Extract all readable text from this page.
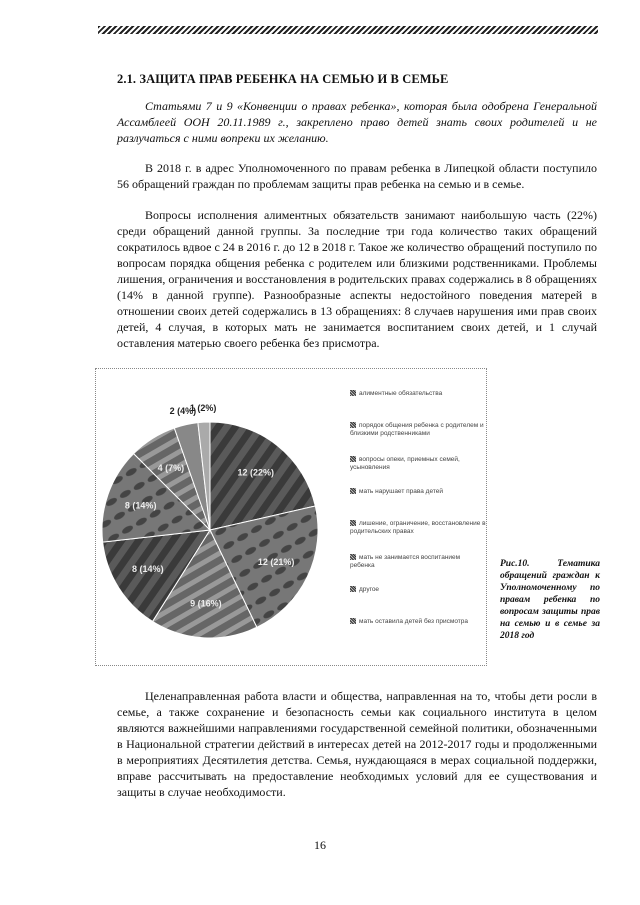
2.1. ЗАЩИТА ПРАВ РЕБЕНКА НА СЕМЬЮ И В СЕМЬЕ
Статьями 7 и 9 «Конвенции о правах ребенка», которая была одобрена Генеральной Ассамблеей ООН 20.11.1989 г., закреплено право детей знать своих родителей и не разлучаться с ними вопреки их желанию.
В 2018 г. в адрес Уполномоченного по правам ребенка в Липецкой области поступило 56 обращений граждан по проблемам защиты прав ребенка на семью и в семье.
Вопросы исполнения алиментных обязательств занимают наибольшую часть (22%) среди обращений данной группы. За последние три года количество таких обращений сократилось вдвое с 24 в 2016 г. до 12 в 2018 г. Такое же количество обращений поступило по вопросам порядка общения ребенка с родителем или близкими родственниками. Проблемы лишения, ограничения и восстановления в родительских правах содержались в 8 обращениях (14% в данной группе). Разнообразные аспекты недостойного поведения матерей в отношении своих детей содержались в 13 обращениях: 8 случаев нарушения ими прав своих детей, 4 случая, в которых мать не занимается воспитанием своих детей, и 1 случай оставления матерью своего ребенка без присмотра.
12 (22%)
12 (21%)
9 (16%)
8 (14%)
8 (14%)
4 (7%)
2 (4%)
1 (2%)
алиментные обязательства
порядок общения ребенка с родителем и близкими родственниками
вопросы опеки, приемных семей, усыновления
мать нарушает права детей
лишение, ограничение, восстановление в родительских правах
мать не занимается воспитанием ребенка
другое
мать оставила детей без присмотра
Рис.10. Тематика обращений граждан к Уполномоченному по правам ребенка по вопросам защиты прав на семью и в семье за 2018 год
Целенаправленная работа власти и общества, направленная на то, чтобы дети росли в семье, а также сохранение и безопасность семьи как социального института в целом являются важнейшими направлениями государственной семейной политики, обозначенными в Национальной стратегии действий в интересах детей на 2012-2017 годы и продолженными в мероприятиях Десятилетия детства. Семья, нуждающаяся в мерах социальной поддержки, вправе рассчитывать на предоставление необходимых условий для ее существования и защиты в случае необходимости.
16
